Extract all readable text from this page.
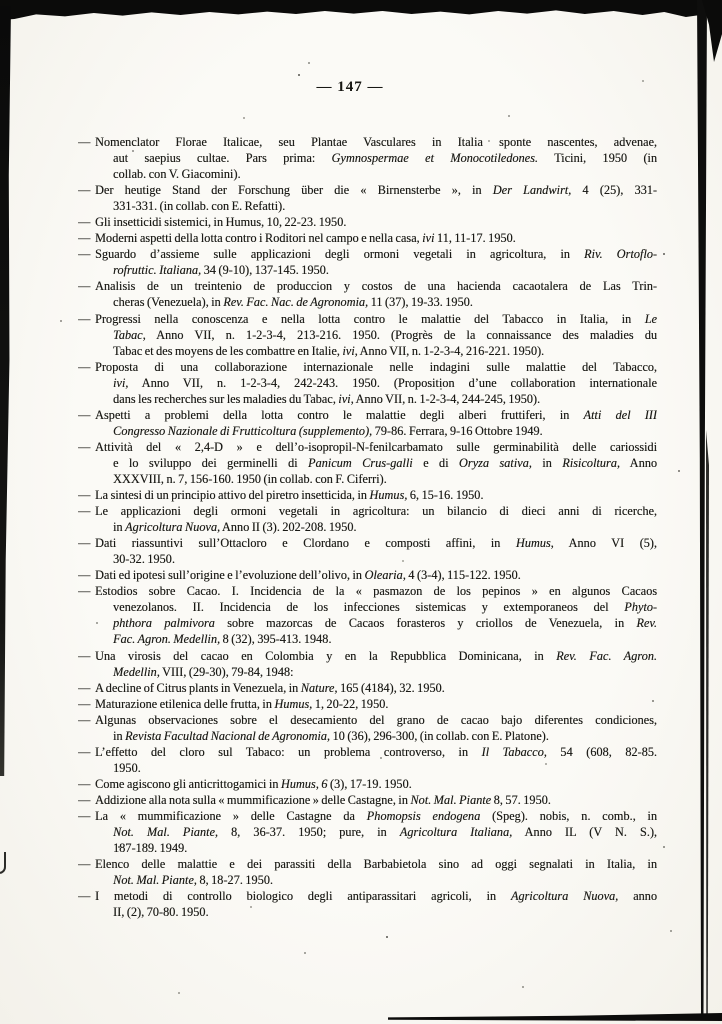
— 147 —
— Nomenclator Florae Italicae, seu Plantae Vasculares in Italia sponte nascentes, advenae,
aut saepius cultae. Pars prima: Gymnospermae et Monocotiledones. Ticini, 1950 (in
collab. con V. Giacomini).
— Der heutige Stand der Forschung über die « Birnensterbe », in Der Landwirt, 4 (25), 331-
331-331. (in collab. con E. Refatti).
— Gli insetticidi sistemici, in Humus, 10, 22-23. 1950.
— Moderni aspetti della lotta contro i Roditori nel campo e nella casa, ivi 11, 11-17. 1950.
— Sguardo d’assieme sulle applicazioni degli ormoni vegetali in agricoltura, in Riv. Ortoflo-
rofruttic. Italiana, 34 (9-10), 137-145. 1950.
— Analisis de un treintenio de produccion y costos de una hacienda cacaotalera de Las Trin-
cheras (Venezuela), in Rev. Fac. Nac. de Agronomia, 11 (37), 19-33. 1950.
— Progressi nella conoscenza e nella lotta contro le malattie del Tabacco in Italia, in Le
Tabac, Anno VII, n. 1-2-3-4, 213-216. 1950. (Progrès de la connaissance des maladies du
Tabac et des moyens de les combattre en Italie, ivi, Anno VII, n. 1-2-3-4, 216-221. 1950).
— Proposta di una collaborazione internazionale nelle indagini sulle malattie del Tabacco,
ivi, Anno VII, n. 1-2-3-4, 242-243. 1950. (Proposition d’une collaboration internationale
dans les recherches sur les maladies du Tabac, ivi, Anno VII, n. 1-2-3-4, 244-245, 1950).
— Aspetti a problemi della lotta contro le malattie degli alberi fruttiferi, in Atti del III
Congresso Nazionale di Frutticoltura (supplemento), 79-86. Ferrara, 9-16 Ottobre 1949.
— Attività del « 2,4-D » e dell’o-isopropil-N-fenilcarbamato sulle germinabilità delle cariossidi
e lo sviluppo dei germinelli di Panicum Crus-galli e di Oryza sativa, in Risicoltura, Anno
XXXVIII, n. 7, 156-160. 1950 (in collab. con F. Ciferri).
— La sintesi di un principio attivo del piretro insetticida, in Humus, 6, 15-16. 1950.
— Le applicazioni degli ormoni vegetali in agricoltura: un bilancio di dieci anni di ricerche,
in Agricoltura Nuova, Anno II (3). 202-208. 1950.
— Dati riassuntivi sull’Ottacloro e Clordano e composti affini, in Humus, Anno VI (5),
30-32. 1950.
— Dati ed ipotesi sull’origine e l’evoluzione dell’olivo, in Olearia, 4 (3-4), 115-122. 1950.
— Estodios sobre Cacao. I. Incidencia de la « pasmazon de los pepinos » en algunos Cacaos
venezolanos. II. Incidencia de los infecciones sistemicas y extemporaneos del Phyto-
phthora palmivora sobre mazorcas de Cacaos forasteros y criollos de Venezuela, in Rev.
Fac. Agron. Medellin, 8 (32), 395-413. 1948.
— Una virosis del cacao en Colombia y en la Repubblica Dominicana, in Rev. Fac. Agron.
Medellin, VIII, (29-30), 79-84, 1948:
— A decline of Citrus plants in Venezuela, in Nature, 165 (4184), 32. 1950.
— Maturazione etilenica delle frutta, in Humus, 1, 20-22, 1950.
— Algunas observaciones sobre el desecamiento del grano de cacao bajo diferentes condiciones,
in Revista Facultad Nacional de Agronomia, 10 (36), 296-300, (in collab. con E. Platone).
— L’effetto del cloro sul Tabaco: un problema controverso, in Il Tabacco, 54 (608, 82-85.
1950.
— Come agiscono gli anticrittogamici in Humus, 6 (3), 17-19. 1950.
— Addizione alla nota sulla « mummificazione » delle Castagne, in Not. Mal. Piante 8, 57. 1950.
— La « mummificazione » delle Castagne da Phomopsis endogena (Speg). nobis, n. comb., in
Not. Mal. Piante, 8, 36-37. 1950; pure, in Agricoltura Italiana, Anno IL (V N. S.),
187-189. 1949.
— Elenco delle malattie e dei parassiti della Barbabietola sino ad oggi segnalati in Italia, in
Not. Mal. Piante, 8, 18-27. 1950.
— I metodi di controllo biologico degli antiparassitari agricoli, in Agricoltura Nuova, anno
II, (2), 70-80. 1950.
